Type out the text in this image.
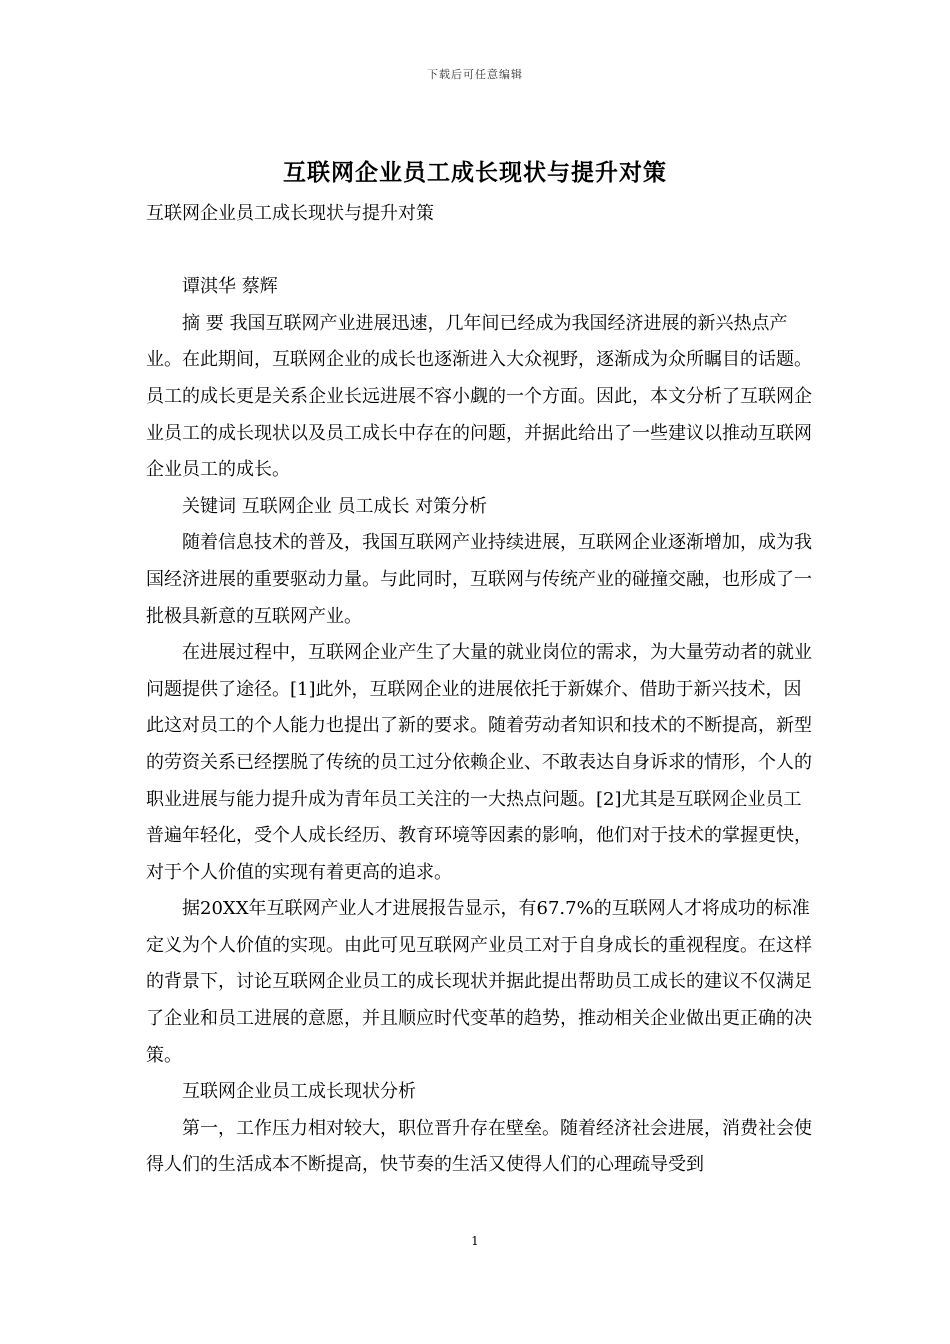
下载后可任意编辑
互联网企业员工成长现状与提升对策

互联网企业员工成长现状与提升对策

谭淇华 蔡辉

摘 要 我国互联网产业进展迅速，几年间已经成为我国经济进展的新兴热点产业。在此期间，互联网企业的成长也逐渐进入大众视野，逐渐成为众所瞩目的话题。员工的成长更是关系企业长远进展不容小觑的一个方面。因此，本文分析了互联网企业员工的成长现状以及员工成长中存在的问题，并据此给出了一些建议以推动互联网企业员工的成长。

关键词 互联网企业 员工成长 对策分析

随着信息技术的普及，我国互联网产业持续进展，互联网企业逐渐增加，成为我国经济进展的重要驱动力量。与此同时，互联网与传统产业的碰撞交融，也形成了一批极具新意的互联网产业。

在进展过程中，互联网企业产生了大量的就业岗位的需求，为大量劳动者的就业问题提供了途径。[1]此外，互联网企业的进展依托于新媒介、借助于新兴技术，因此这对员工的个人能力也提出了新的要求。随着劳动者知识和技术的不断提高，新型的劳资关系已经摆脱了传统的员工过分依赖企业、不敢表达自身诉求的情形，个人的职业进展与能力提升成为青年员工关注的一大热点问题。[2]尤其是互联网企业员工普遍年轻化，受个人成长经历、教育环境等因素的影响，他们对于技术的掌握更快，对于个人价值的实现有着更高的追求。

据20XX年互联网产业人才进展报告显示，有67.7%的互联网人才将成功的标准定义为个人价值的实现。由此可见互联网产业员工对于自身成长的重视程度。在这样的背景下，讨论互联网企业员工的成长现状并据此提出帮助员工成长的建议不仅满足了企业和员工进展的意愿，并且顺应时代变革的趋势，推动相关企业做出更正确的决策。

互联网企业员工成长现状分析

第一，工作压力相对较大，职位晋升存在壁垒。随着经济社会进展，消费社会使得人们的生活成本不断提高，快节奏的生活又使得人们的心理疏导受到

1
